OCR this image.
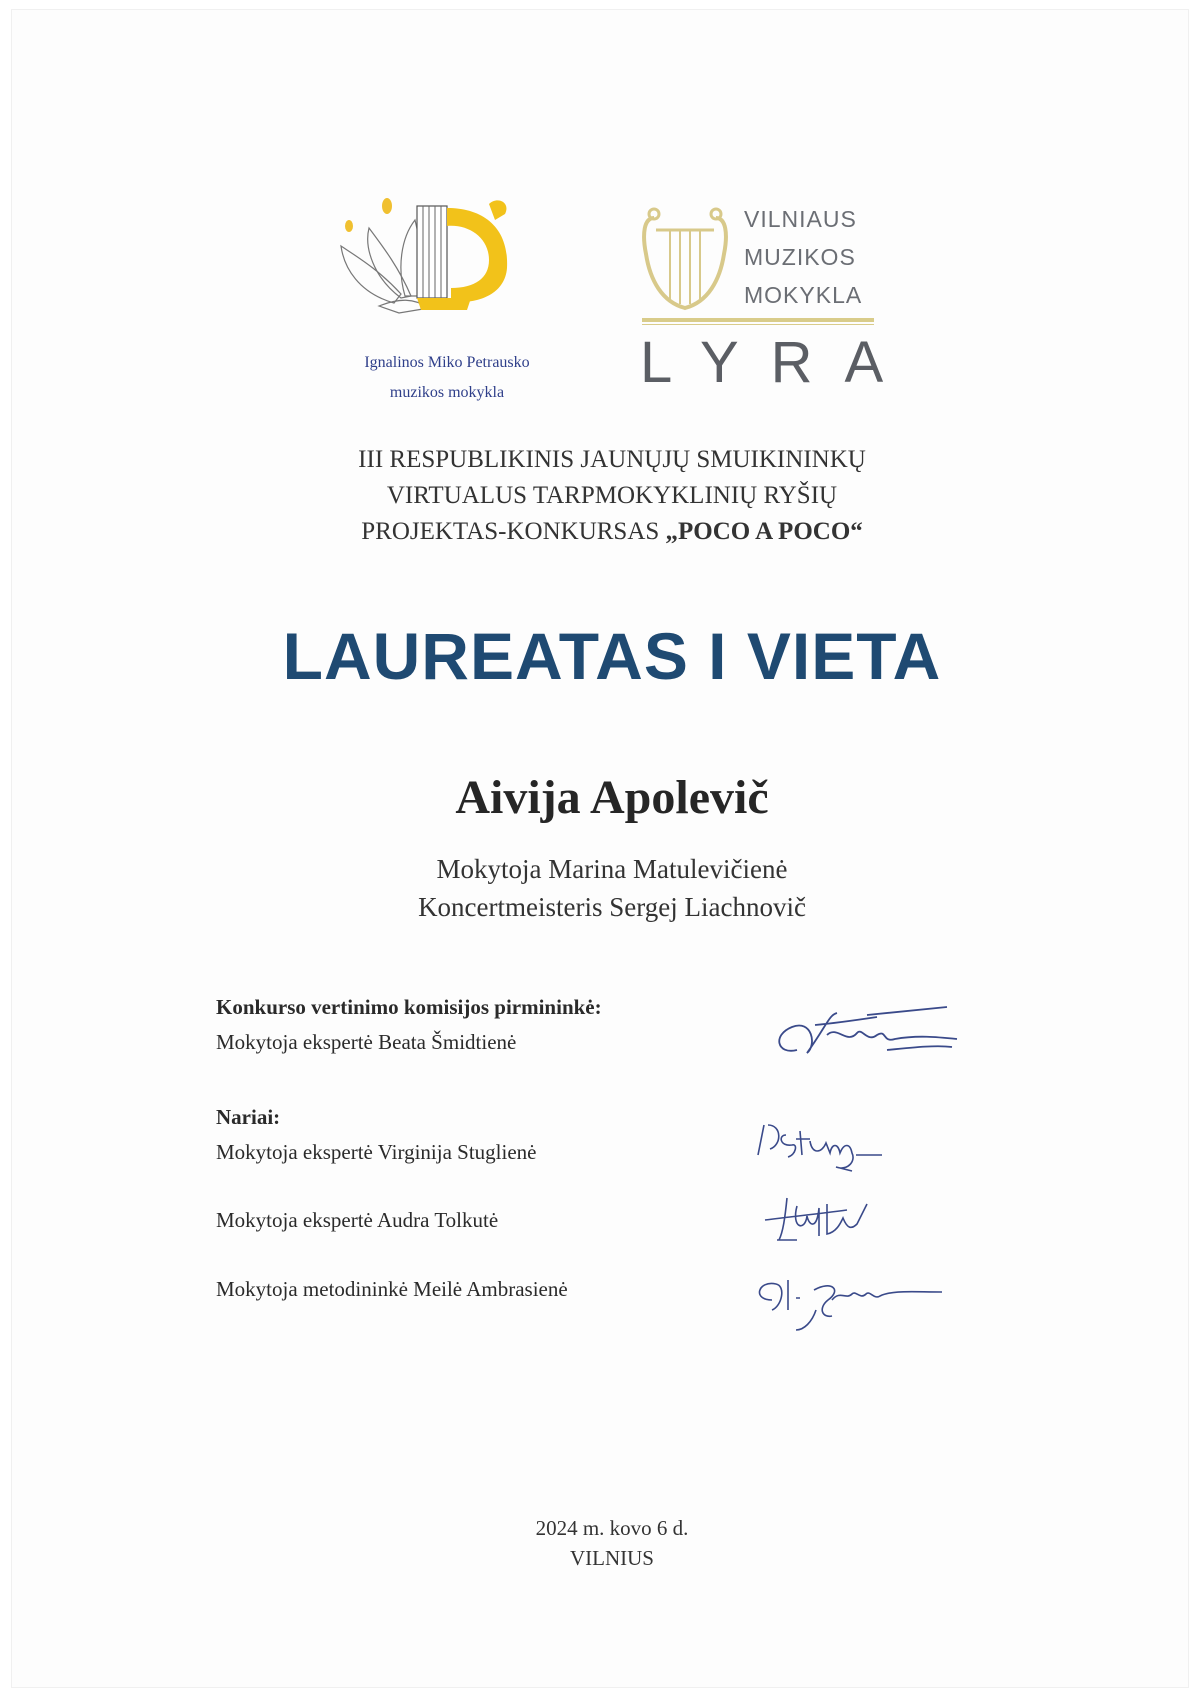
Ignalinos Miko Petrausko
muzikos mokykla
VILNIAUS
MUZIKOS
MOKYKLA
LYRA
III RESPUBLIKINIS JAUNŲJŲ SMUIKININKŲ
VIRTUALUS TARPMOKYKLINIŲ RYŠIŲ
PROJEKTAS-KONKURSAS „POCO A POCO“
LAUREATAS I VIETA
Aivija Apolevič
Mokytoja Marina Matulevičienė
Koncertmeisteris Sergej Liachnovič
Konkurso vertinimo komisijos pirmininkė:
Mokytoja ekspertė Beata Šmidtienė
Nariai:
Mokytoja ekspertė Virginija Stuglienė
Mokytoja ekspertė Audra Tolkutė
Mokytoja metodininkė Meilė Ambrasienė
2024 m. kovo 6 d.
VILNIUS
